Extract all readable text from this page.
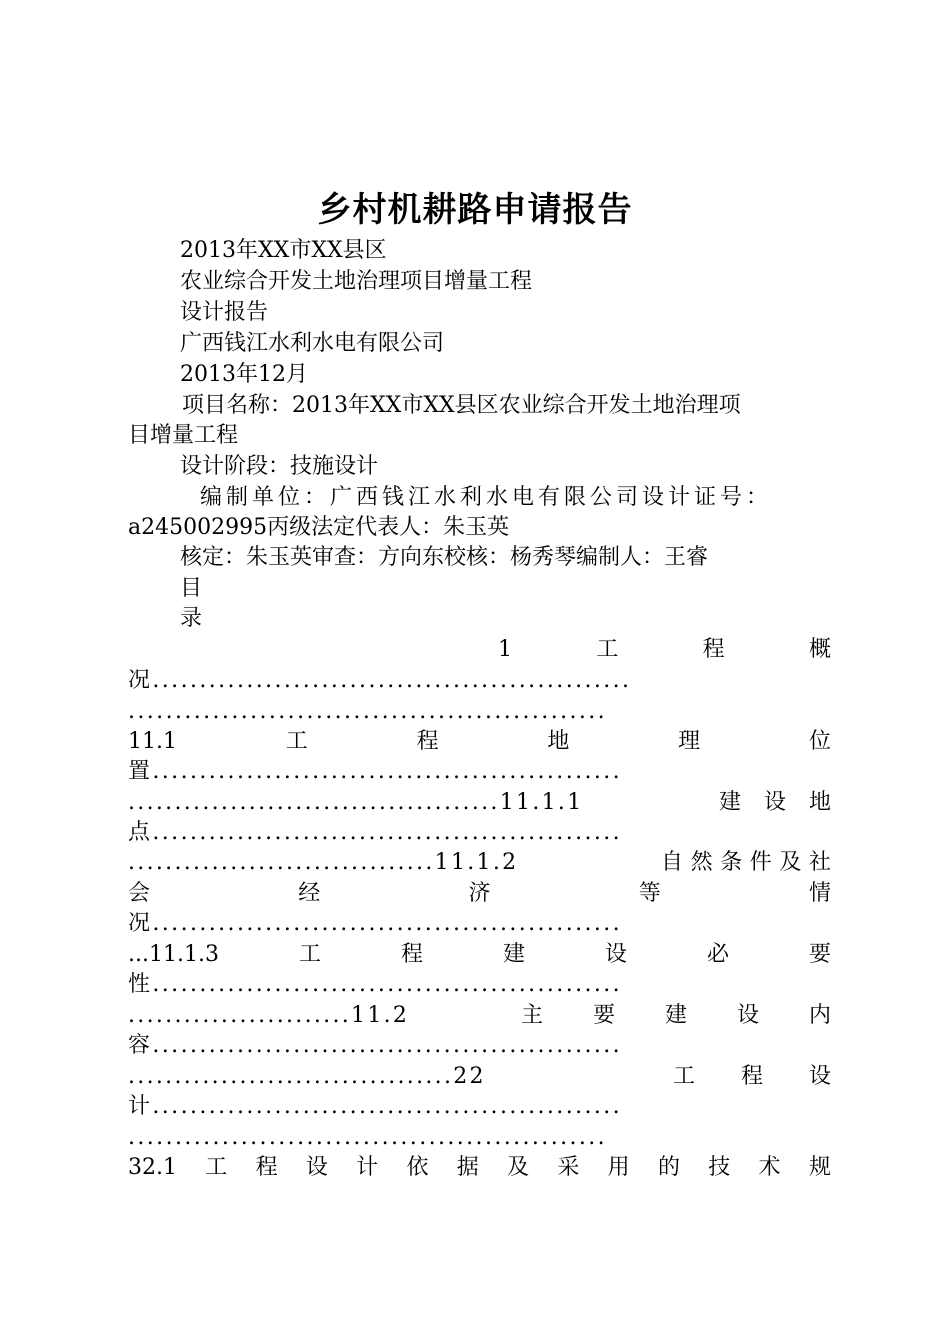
乡村机耕路申请报告
2013年XX市XX县区
农业综合开发土地治理项目增量工程
设计报告
广西钱江水利水电有限公司
2013年12月
项目名称：2013年XX市XX县区农业综合开发土地治理项
目增量工程
设计阶段：技施设计
编制单位：广西钱江水利水电有限公司设计证号：
a245002995丙级法定代表人：朱玉英
核定：朱玉英审查：方向东校核：杨秀琴编制人：王睿
目
录
1	工	程	概
况...................................................
...................................................
11.1	工	程	地	理	位
置..................................................
........................................11.1.1	建 设 地
点..................................................
.................................11.1.2	自 然 条 件 及 社
会	经	济	等	情
况..................................................
...11.1.3	工	程	建	设	必	要
性..................................................
........................11.2	主 要 建 设 内
容..................................................
...................................22	工 程 设
计..................................................
...................................................
32.1 工 程 设 计 依 据 及 采 用 的 技 术 规
